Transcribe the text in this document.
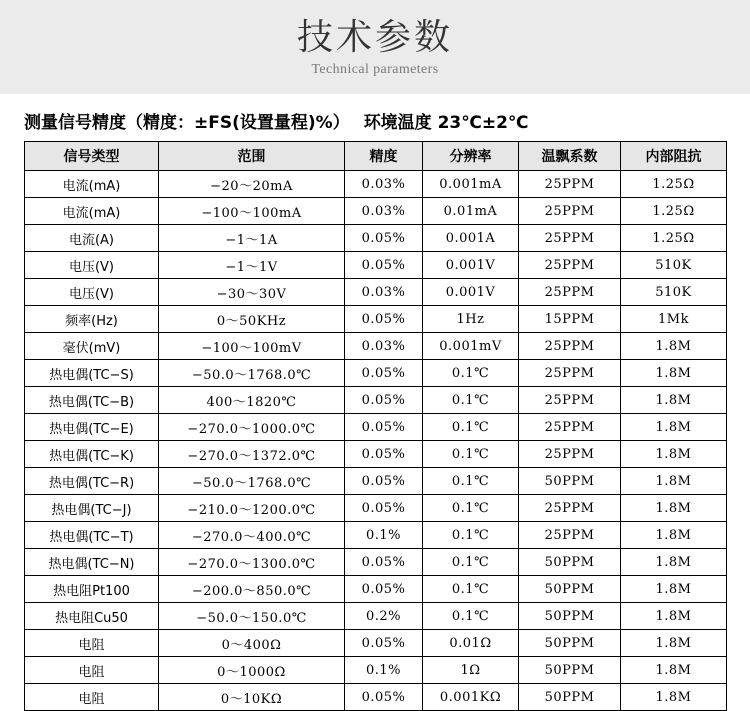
技术参数
Technical parameters
测量信号精度（精度：±FS(设置量程)%） 环境温度 23℃±2℃
信号类型	范围	精度	分辨率	温飘系数	内部阻抗
电流(mA)	−20～20mA	0.03%	0.001mA	25PPM	1.25Ω
电流(mA)	−100～100mA	0.03%	0.01mA	25PPM	1.25Ω
电流(A)	−1～1A	0.05%	0.001A	25PPM	1.25Ω
电压(V)	−1～1V	0.05%	0.001V	25PPM	510K
电压(V)	−30～30V	0.03%	0.001V	25PPM	510K
频率(Hz)	0～50KHz	0.05%	1Hz	15PPM	1Mk
毫伏(mV)	−100～100mV	0.03%	0.001mV	25PPM	1.8M
热电偶(TC−S)	−50.0～1768.0℃	0.05%	0.1℃	25PPM	1.8M
热电偶(TC−B)	400～1820℃	0.05%	0.1℃	25PPM	1.8M
热电偶(TC−E)	−270.0～1000.0℃	0.05%	0.1℃	25PPM	1.8M
热电偶(TC−K)	−270.0～1372.0℃	0.05%	0.1℃	25PPM	1.8M
热电偶(TC−R)	−50.0～1768.0℃	0.05%	0.1℃	50PPM	1.8M
热电偶(TC−J)	−210.0～1200.0℃	0.05%	0.1℃	25PPM	1.8M
热电偶(TC−T)	−270.0～400.0℃	0.1%	0.1℃	25PPM	1.8M
热电偶(TC−N)	−270.0～1300.0℃	0.05%	0.1℃	50PPM	1.8M
热电阻Pt100	−200.0～850.0℃	0.05%	0.1℃	50PPM	1.8M
热电阻Cu50	−50.0～150.0℃	0.2%	0.1℃	50PPM	1.8M
电阻	0～400Ω	0.05%	0.01Ω	50PPM	1.8M
电阻	0～1000Ω	0.1%	1Ω	50PPM	1.8M
电阻	0～10KΩ	0.05%	0.001KΩ	50PPM	1.8M
